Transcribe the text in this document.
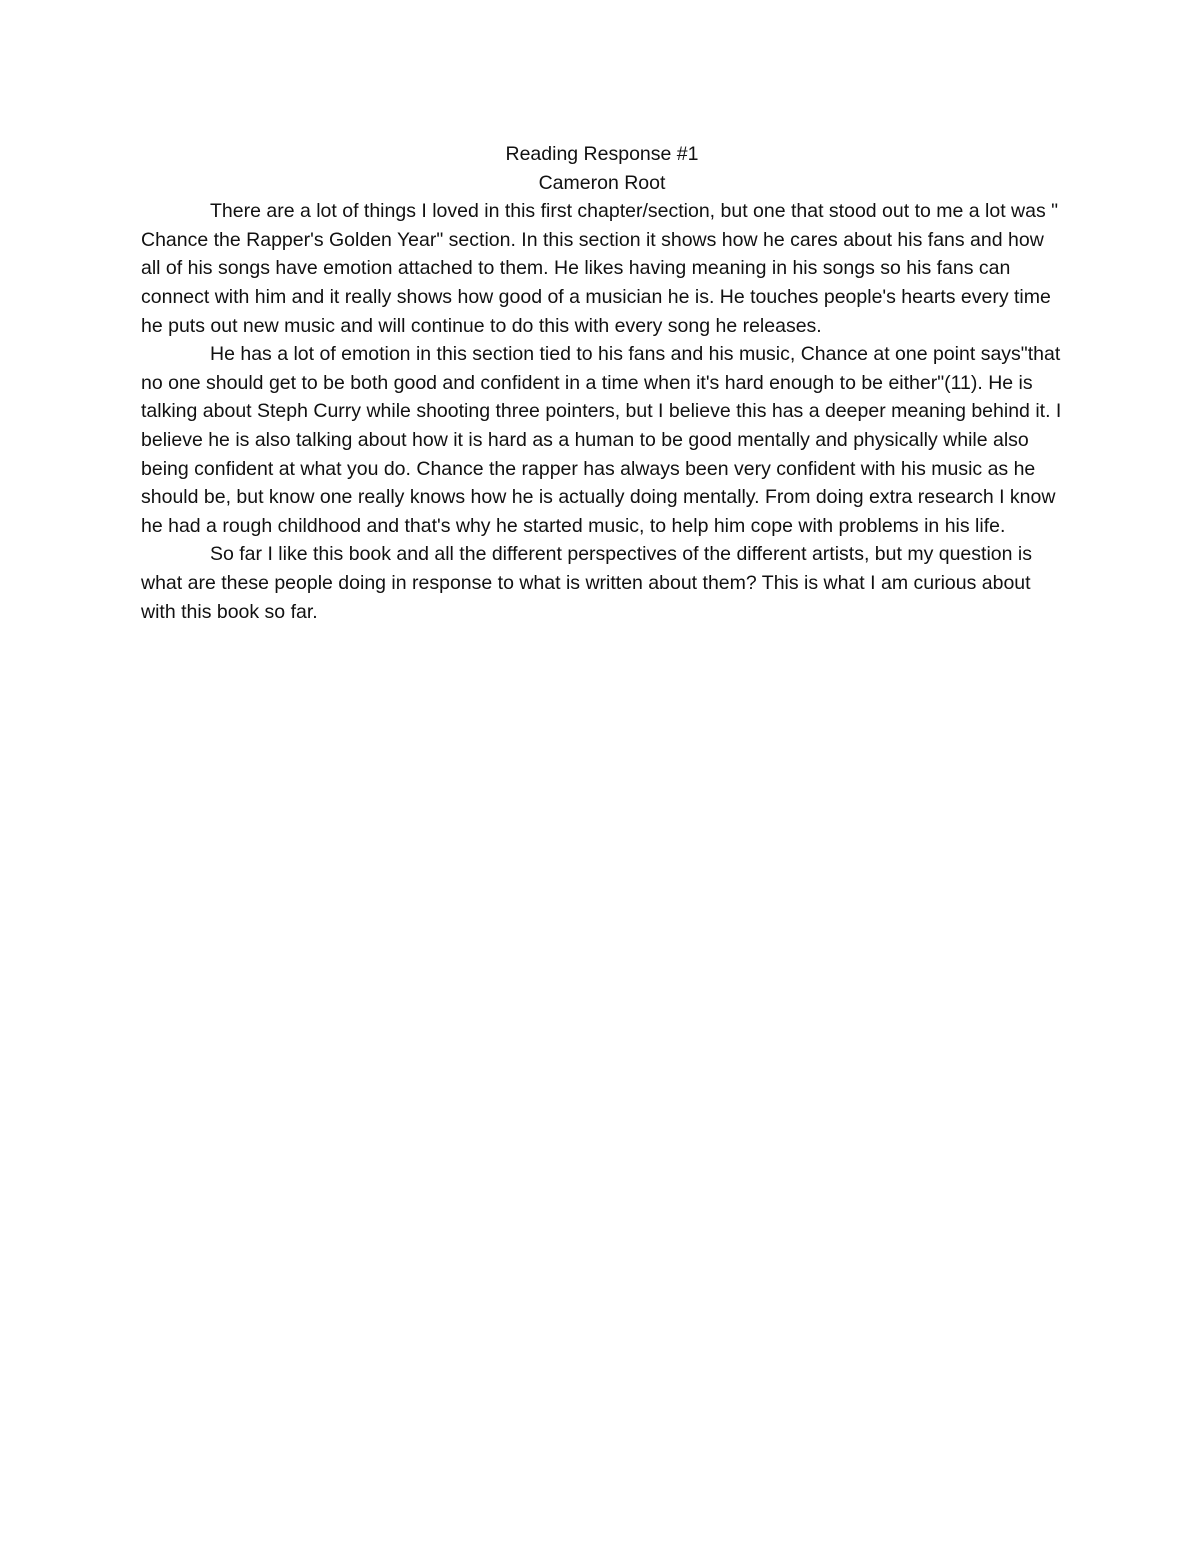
Reading Response #1
Cameron Root

There are a lot of things I loved in this first chapter/section, but one that stood out to me a lot was " Chance the Rapper's Golden Year" section. In this section it shows how he cares about his fans and how all of his songs have emotion attached to them. He likes having meaning in his songs so his fans can connect with him and it really shows how good of a musician he is. He touches people's hearts every time he puts out new music and will continue to do this with every song he releases.

He has a lot of emotion in this section tied to his fans and his music, Chance at one point says"that no one should get to be both good and confident in a time when it's hard enough to be either"(11). He is talking about Steph Curry while shooting three pointers, but I believe this has a deeper meaning behind it. I believe he is also talking about how it is hard as a human to be good mentally and physically while also being confident at what you do. Chance the rapper has always been very confident with his music as he should be, but know one really knows how he is actually doing mentally. From doing extra research I know he had a rough childhood and that's why he started music, to help him cope with problems in his life.

So far I like this book and all the different perspectives of the different artists, but my question is what are these people doing in response to what is written about them? This is what I am curious about with this book so far.
